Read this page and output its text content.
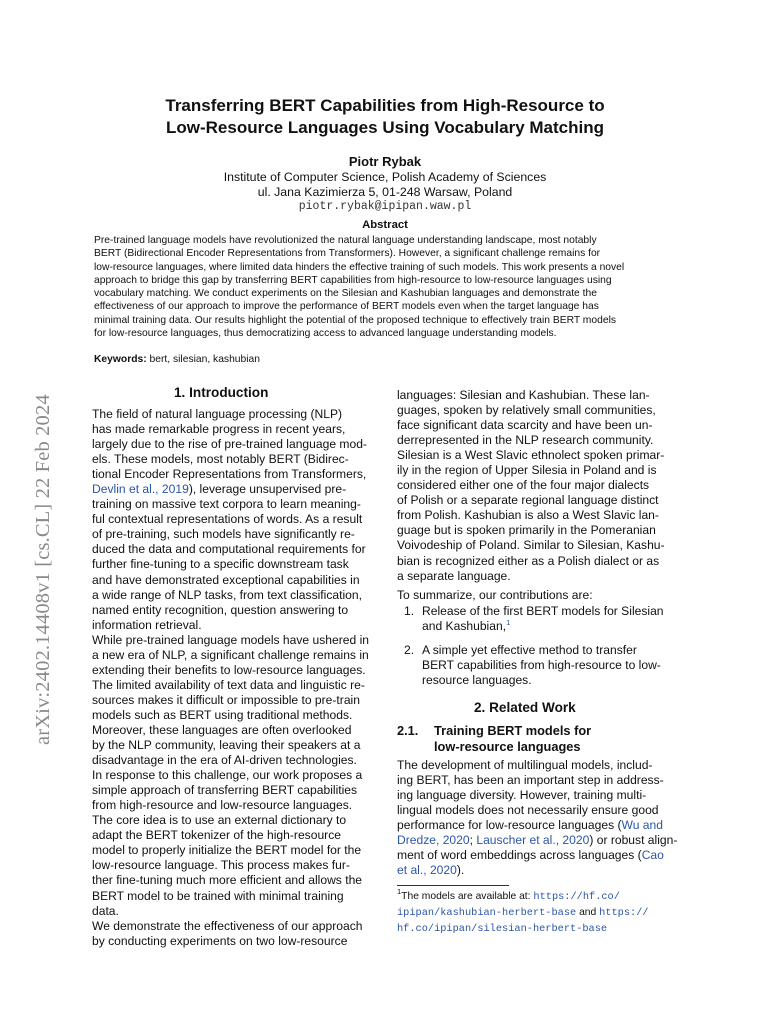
arXiv:2402.14408v1 [cs.CL] 22 Feb 2024
Transferring BERT Capabilities from High-Resource to
Low-Resource Languages Using Vocabulary Matching
Piotr Rybak
Institute of Computer Science, Polish Academy of Sciences
ul. Jana Kazimierza 5, 01-248 Warsaw, Poland
piotr.rybak@ipipan.waw.pl
Abstract
Pre-trained language models have revolutionized the natural language understanding landscape, most notably
BERT (Bidirectional Encoder Representations from Transformers). However, a significant challenge remains for
low-resource languages, where limited data hinders the effective training of such models. This work presents a novel
approach to bridge this gap by transferring BERT capabilities from high-resource to low-resource languages using
vocabulary matching. We conduct experiments on the Silesian and Kashubian languages and demonstrate the
effectiveness of our approach to improve the performance of BERT models even when the target language has
minimal training data. Our results highlight the potential of the proposed technique to effectively train BERT models
for low-resource languages, thus democratizing access to advanced language understanding models.
Keywords: bert, silesian, kashubian
1. Introduction
The field of natural language processing (NLP)
has made remarkable progress in recent years,
largely due to the rise of pre-trained language mod-
els. These models, most notably BERT (Bidirec-
tional Encoder Representations from Transformers,
Devlin et al., 2019), leverage unsupervised pre-
training on massive text corpora to learn meaning-
ful contextual representations of words. As a result
of pre-training, such models have significantly re-
duced the data and computational requirements for
further fine-tuning to a specific downstream task
and have demonstrated exceptional capabilities in
a wide range of NLP tasks, from text classification,
named entity recognition, question answering to
information retrieval.
While pre-trained language models have ushered in
a new era of NLP, a significant challenge remains in
extending their benefits to low-resource languages.
The limited availability of text data and linguistic re-
sources makes it difficult or impossible to pre-train
models such as BERT using traditional methods.
Moreover, these languages are often overlooked
by the NLP community, leaving their speakers at a
disadvantage in the era of AI-driven technologies.
In response to this challenge, our work proposes a
simple approach of transferring BERT capabilities
from high-resource and low-resource languages.
The core idea is to use an external dictionary to
adapt the BERT tokenizer of the high-resource
model to properly initialize the BERT model for the
low-resource language. This process makes fur-
ther fine-tuning much more efficient and allows the
BERT model to be trained with minimal training
data.
We demonstrate the effectiveness of our approach
by conducting experiments on two low-resource
languages: Silesian and Kashubian. These lan-
guages, spoken by relatively small communities,
face significant data scarcity and have been un-
derrepresented in the NLP research community.
Silesian is a West Slavic ethnolect spoken primar-
ily in the region of Upper Silesia in Poland and is
considered either one of the four major dialects
of Polish or a separate regional language distinct
from Polish. Kashubian is also a West Slavic lan-
guage but is spoken primarily in the Pomeranian
Voivodeship of Poland. Similar to Silesian, Kashu-
bian is recognized either as a Polish dialect or as
a separate language.
To summarize, our contributions are:
1. Release of the first BERT models for Silesian
and Kashubian,$^1$
2. A simple yet effective method to transfer
BERT capabilities from high-resource to low-
resource languages.
2. Related Work
2.1. Training BERT models for
low-resource languages
The development of multilingual models, includ-
ing BERT, has been an important step in address-
ing language diversity. However, training multi-
lingual models does not necessarily ensure good
performance for low-resource languages (Wu and
Dredze, 2020; Lauscher et al., 2020) or robust align-
ment of word embeddings across languages (Cao
et al., 2020).
$^1$The models are available at: https://hf.co/
ipipan/kashubian-herbert-base and https://
hf.co/ipipan/silesian-herbert-base
